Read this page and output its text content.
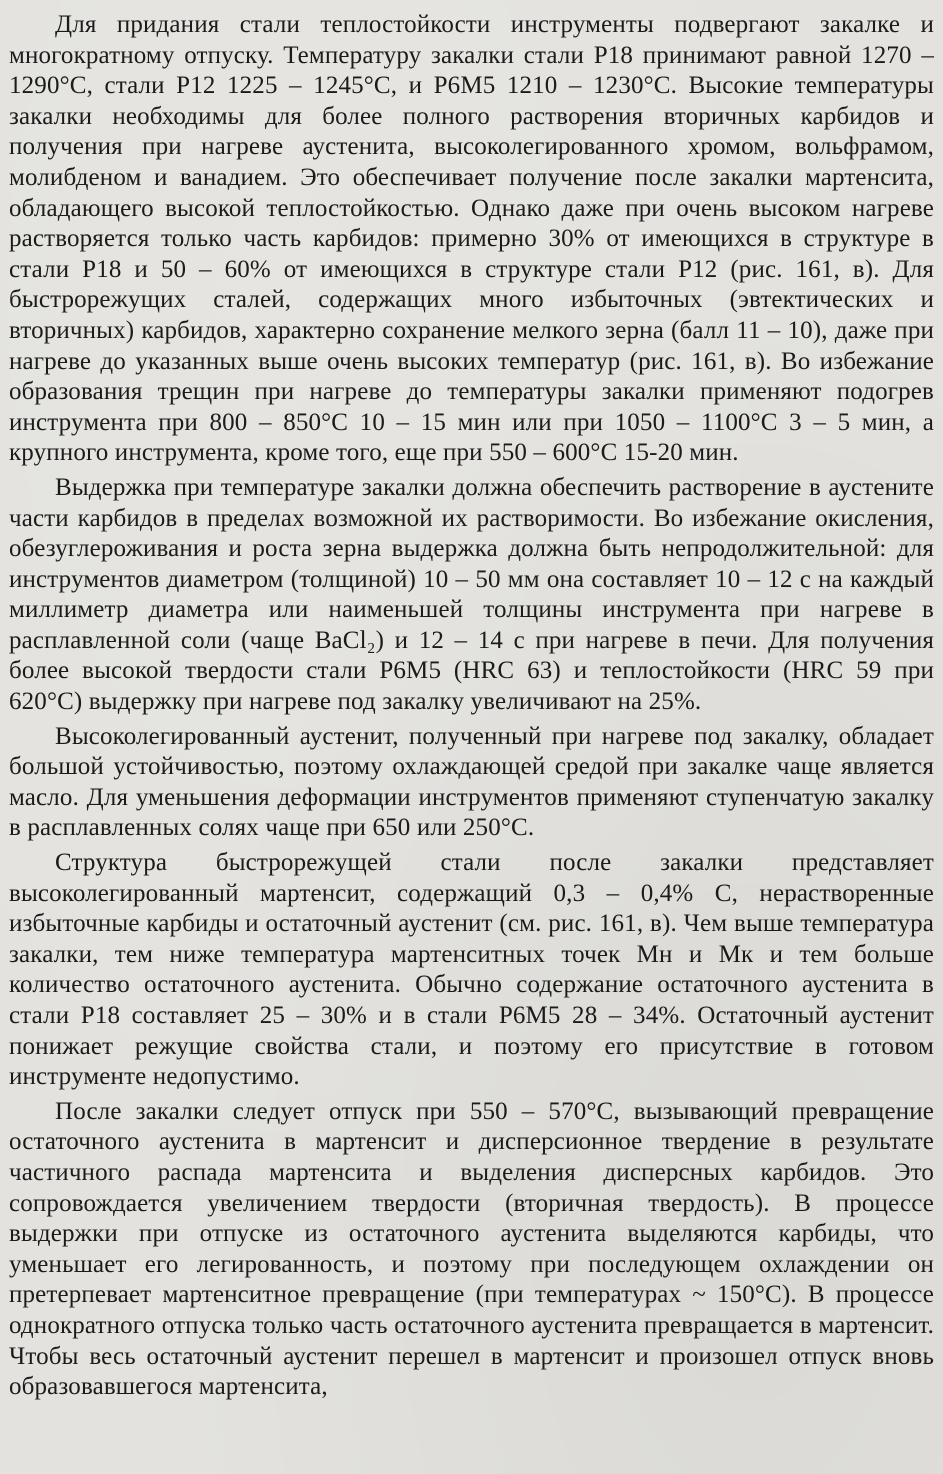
Для придания стали теплостойкости инструменты подвергают закалке и многократному отпуску. Температуру закалки стали Р18 принимают равной 1270 – 1290°С, стали Р12 1225 – 1245°С, и Р6М5 1210 – 1230°С. Высокие температуры закалки необходимы для более полного растворения вторичных карбидов и получения при нагреве аустенита, высоколегированного хромом, вольфрамом, молибденом и ванадием. Это обеспечивает получение после закалки мартенсита, обладающего высокой теплостойкостью. Однако даже при очень высоком нагреве растворяется только часть карбидов: примерно 30% от имеющихся в структуре в стали Р18 и 50 – 60% от имеющихся в структуре стали Р12 (рис. 161, в). Для быстрорежущих сталей, содержащих много избыточных (эвтектических и вторичных) карбидов, характерно сохранение мелкого зерна (балл 11 – 10), даже при нагреве до указанных выше очень высоких температур (рис. 161, в). Во избежание образования трещин при нагреве до температуры закалки применяют подогрев инструмента при 800 – 850°С 10 – 15 мин или при 1050 – 1100°С 3 – 5 мин, а крупного инструмента, кроме того, еще при 550 – 600°С 15-20 мин.

Выдержка при температуре закалки должна обеспечить растворение в аустените части карбидов в пределах возможной их растворимости. Во избежание окисления, обезуглероживания и роста зерна выдержка должна быть непродолжительной: для инструментов диаметром (толщиной) 10 – 50 мм она составляет 10 – 12 с на каждый миллиметр диаметра или наименьшей толщины инструмента при нагреве в расплавленной соли (чаще BaCl₂) и 12 – 14 с при нагреве в печи. Для получения более высокой твердости стали Р6М5 (HRC 63) и теплостойкости (HRC 59 при 620°С) выдержку при нагреве под закалку увеличивают на 25%.

Высоколегированный аустенит, полученный при нагреве под закалку, обладает большой устойчивостью, поэтому охлаждающей средой при закалке чаще является масло. Для уменьшения деформации инструментов применяют ступенчатую закалку в расплавленных солях чаще при 650 или 250°С.

Структура быстрорежущей стали после закалки представляет высоколегированный мартенсит, содержащий 0,3 – 0,4% С, нерастворенные избыточные карбиды и остаточный аустенит (см. рис. 161, в). Чем выше температура закалки, тем ниже температура мартенситных точек Мн и Мк и тем больше количество остаточного аустенита. Обычно содержание остаточного аустенита в стали Р18 составляет 25 – 30% и в стали Р6М5 28 – 34%. Остаточный аустенит понижает режущие свойства стали, и поэтому его присутствие в готовом инструменте недопустимо.

После закалки следует отпуск при 550 – 570°С, вызывающий превращение остаточного аустенита в мартенсит и дисперсионное твердение в результате частичного распада мартенсита и выделения дисперсных карбидов. Это сопровождается увеличением твердости (вторичная твердость). В процессе выдержки при отпуске из остаточного аустенита выделяются карбиды, что уменьшает его легированность, и поэтому при последующем охлаждении он претерпевает мартенситное превращение (при температурах ~ 150°С). В процессе однократного отпуска только часть остаточного аустенита превращается в мартенсит. Чтобы весь остаточный аустенит перешел в мартенсит и произошел отпуск вновь образовавшегося мартенсита,
